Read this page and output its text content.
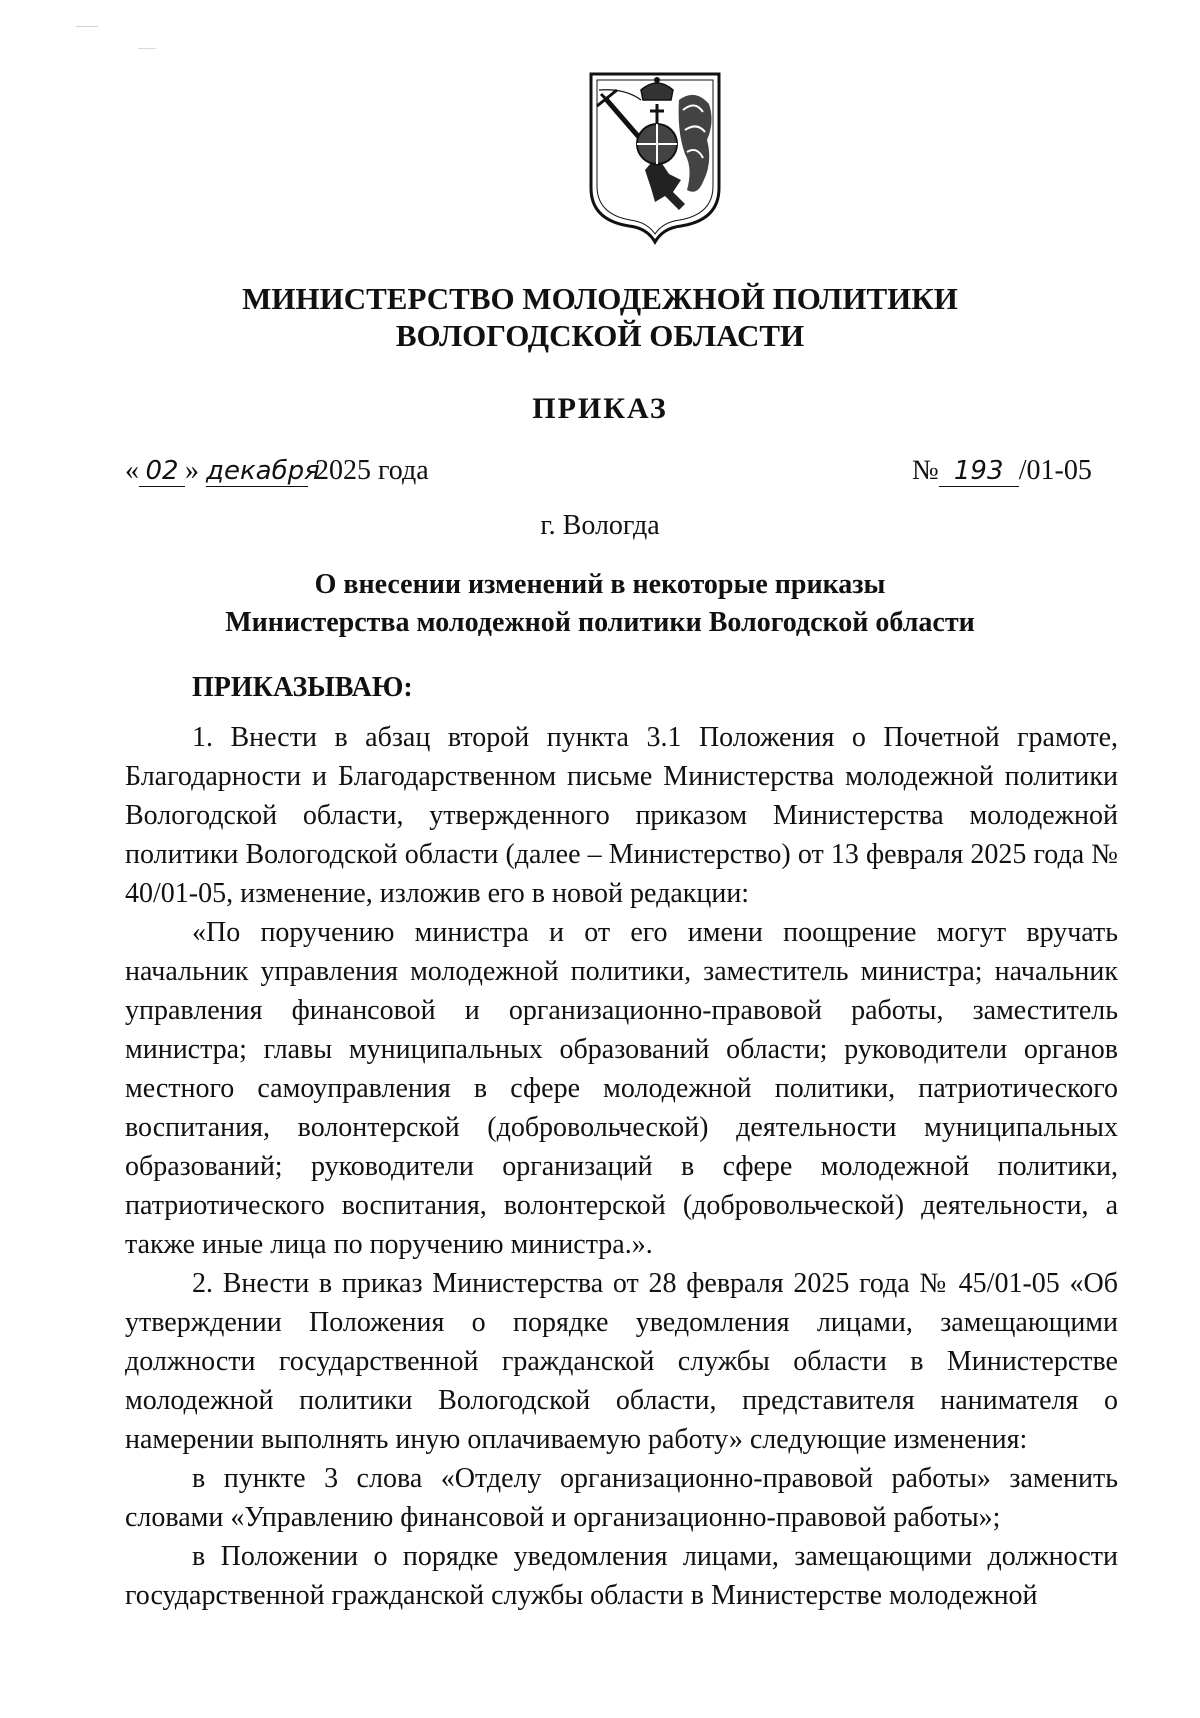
МИНИСТЕРСТВО МОЛОДЕЖНОЙ ПОЛИТИКИ
ВОЛОГОДСКОЙ ОБЛАСТИ
ПРИКАЗ
« 02 » декабря 2025 года	№ 193 /01-05
г. Вологда
О внесении изменений в некоторые приказы
Министерства молодежной политики Вологодской области
ПРИКАЗЫВАЮ:

1. Внести в абзац второй пункта 3.1 Положения о Почетной грамоте, Благодарности и Благодарственном письме Министерства молодежной политики Вологодской области, утвержденного приказом Министерства молодежной политики Вологодской области (далее – Министерство) от 13 февраля 2025 года № 40/01-05, изменение, изложив его в новой редакции:

«По поручению министра и от его имени поощрение могут вручать начальник управления молодежной политики, заместитель министра; начальник управления финансовой и организационно-правовой работы, заместитель министра; главы муниципальных образований области; руководители органов местного самоуправления в сфере молодежной политики, патриотического воспитания, волонтерской (добровольческой) деятельности муниципальных образований; руководители организаций в сфере молодежной политики, патриотического воспитания, волонтерской (добровольческой) деятельности, а также иные лица по поручению министра.».

2. Внести в приказ Министерства от 28 февраля 2025 года № 45/01-05 «Об утверждении Положения о порядке уведомления лицами, замещающими должности государственной гражданской службы области в Министерстве молодежной политики Вологодской области, представителя нанимателя о намерении выполнять иную оплачиваемую работу» следующие изменения:

в пункте 3 слова «Отделу организационно-правовой работы» заменить словами «Управлению финансовой и организационно-правовой работы»;

в Положении о порядке уведомления лицами, замещающими должности государственной гражданской службы области в Министерстве молодежной
